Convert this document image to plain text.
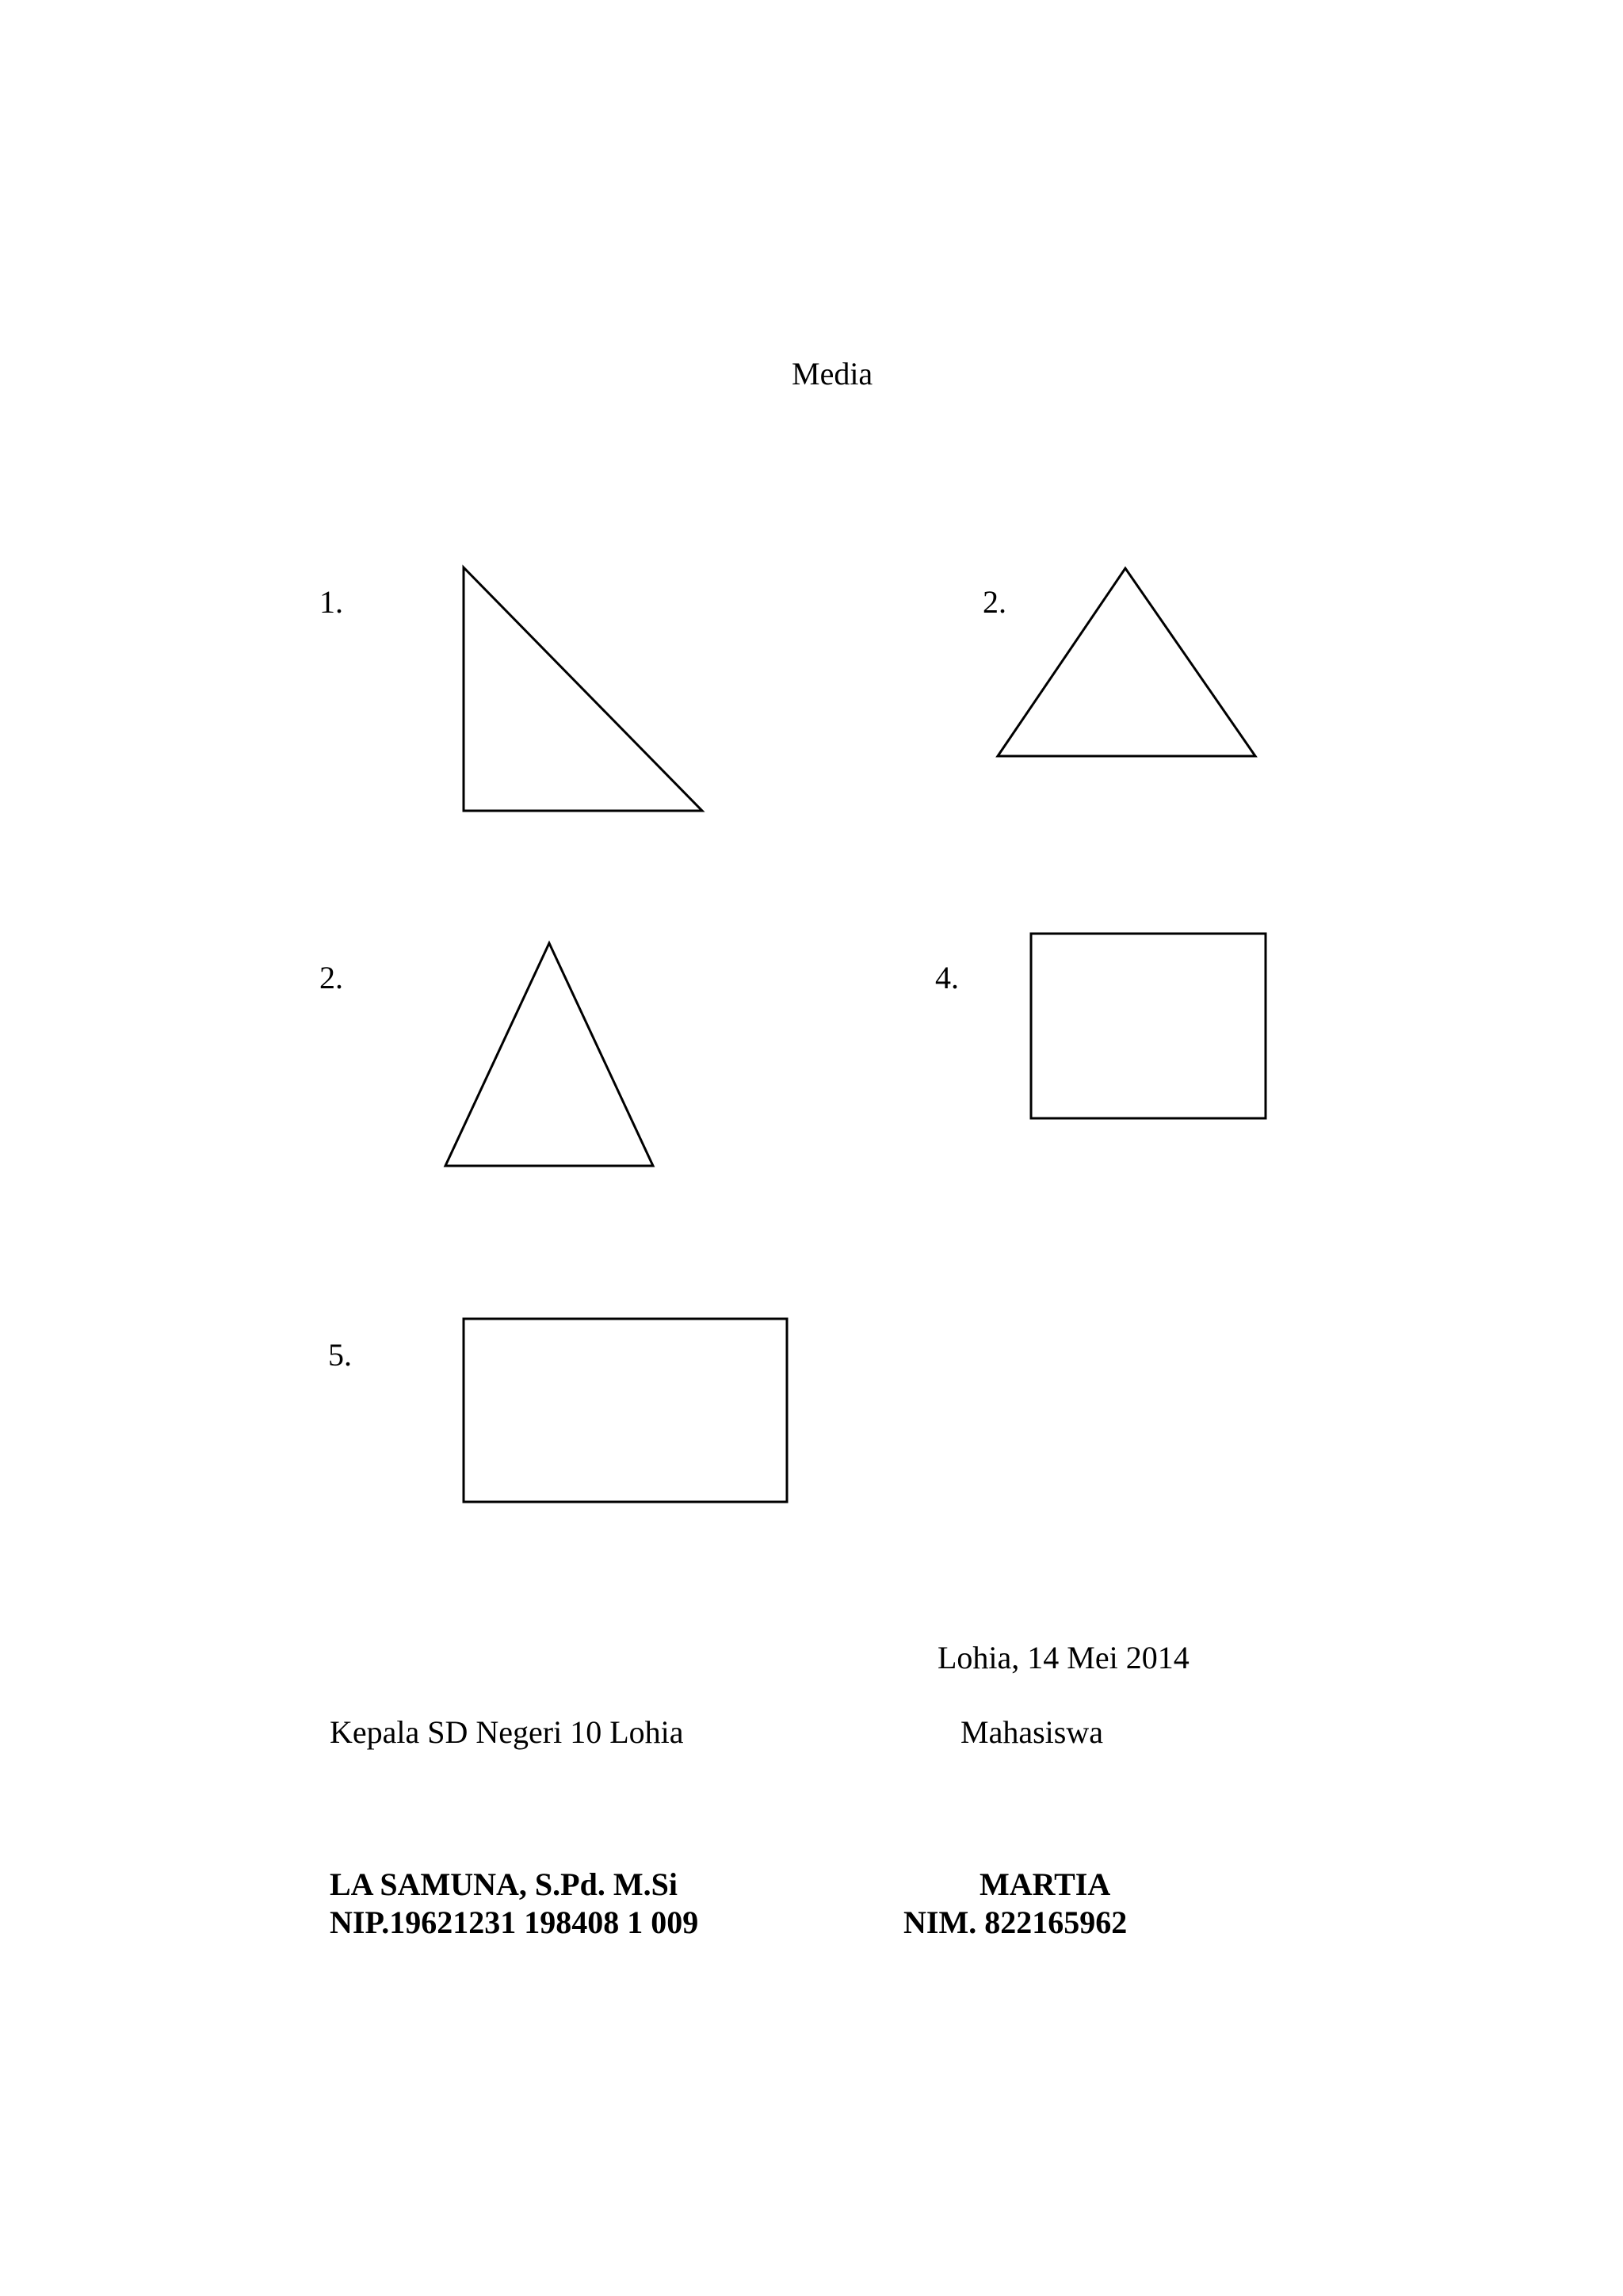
Media
1.	2.
2.	4.
5.
Lohia, 14 Mei 2014
Kepala SD Negeri 10 Lohia	Mahasiswa
LA SAMUNA, S.Pd. M.Si
NIP.19621231 198408 1 009
MARTIA
NIM. 822165962
